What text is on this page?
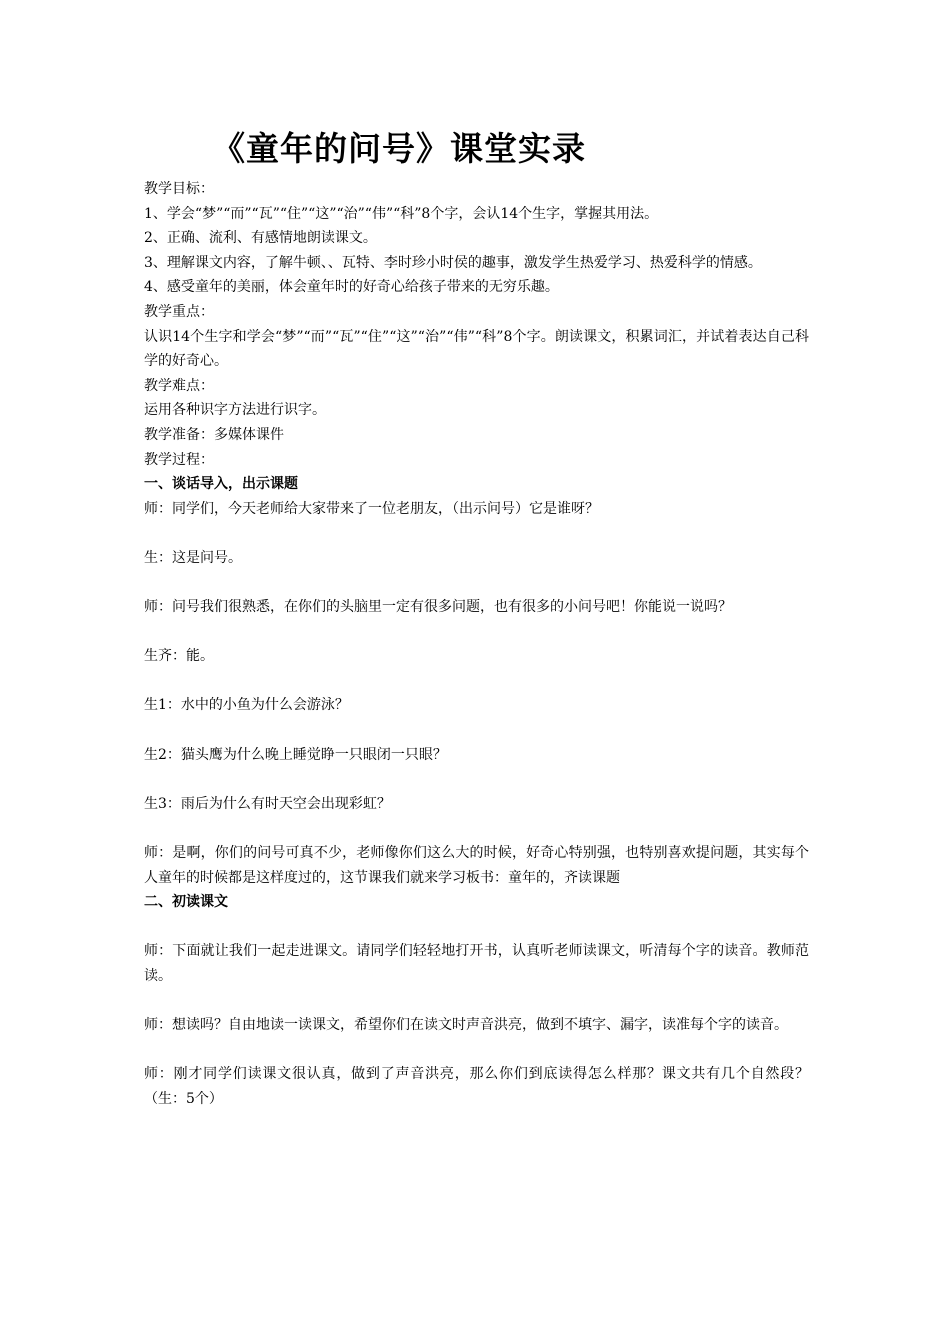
《童年的问号》课堂实录

教学目标：

1、学会“梦”“而”“瓦”“住”“这”“治”“伟”“科”8个字，会认14个生字，掌握其用法。

2、正确、流利、有感情地朗读课文。

3、理解课文内容，了解牛顿、、瓦特、李时珍小时侯的趣事，激发学生热爱学习、热爱科学的情感。

4、感受童年的美丽，体会童年时的好奇心给孩子带来的无穷乐趣。

教学重点：

认识14个生字和学会“梦”“而”“瓦”“住”“这”“治”“伟”“科”8个字。朗读课文，积累词汇，并试着表达自己科学的好奇心。

教学难点：

运用各种识字方法进行识字。

教学准备：多媒体课件

教学过程：

一、谈话导入，出示课题

师：同学们，今天老师给大家带来了一位老朋友，（出示问号）它是谁呀？

生：这是问号。

师：问号我们很熟悉，在你们的头脑里一定有很多问题，也有很多的小问号吧！你能说一说吗？

生齐：能。

生1：水中的小鱼为什么会游泳？

生2：猫头鹰为什么晚上睡觉睁一只眼闭一只眼？

生3：雨后为什么有时天空会出现彩虹？

师：是啊，你们的问号可真不少，老师像你们这么大的时候，好奇心特别强，也特别喜欢提问题，其实每个人童年的时候都是这样度过的，这节课我们就来学习板书：童年的，齐读课题

二、初读课文

师：下面就让我们一起走进课文。请同学们轻轻地打开书，认真听老师读课文，听清每个字的读音。教师范读。

师：想读吗？自由地读一读课文，希望你们在读文时声音洪亮，做到不填字、漏字，读准每个字的读音。

师：刚才同学们读课文很认真，做到了声音洪亮，那么你们到底读得怎么样那？课文共有几个自然段？（生：5个）
